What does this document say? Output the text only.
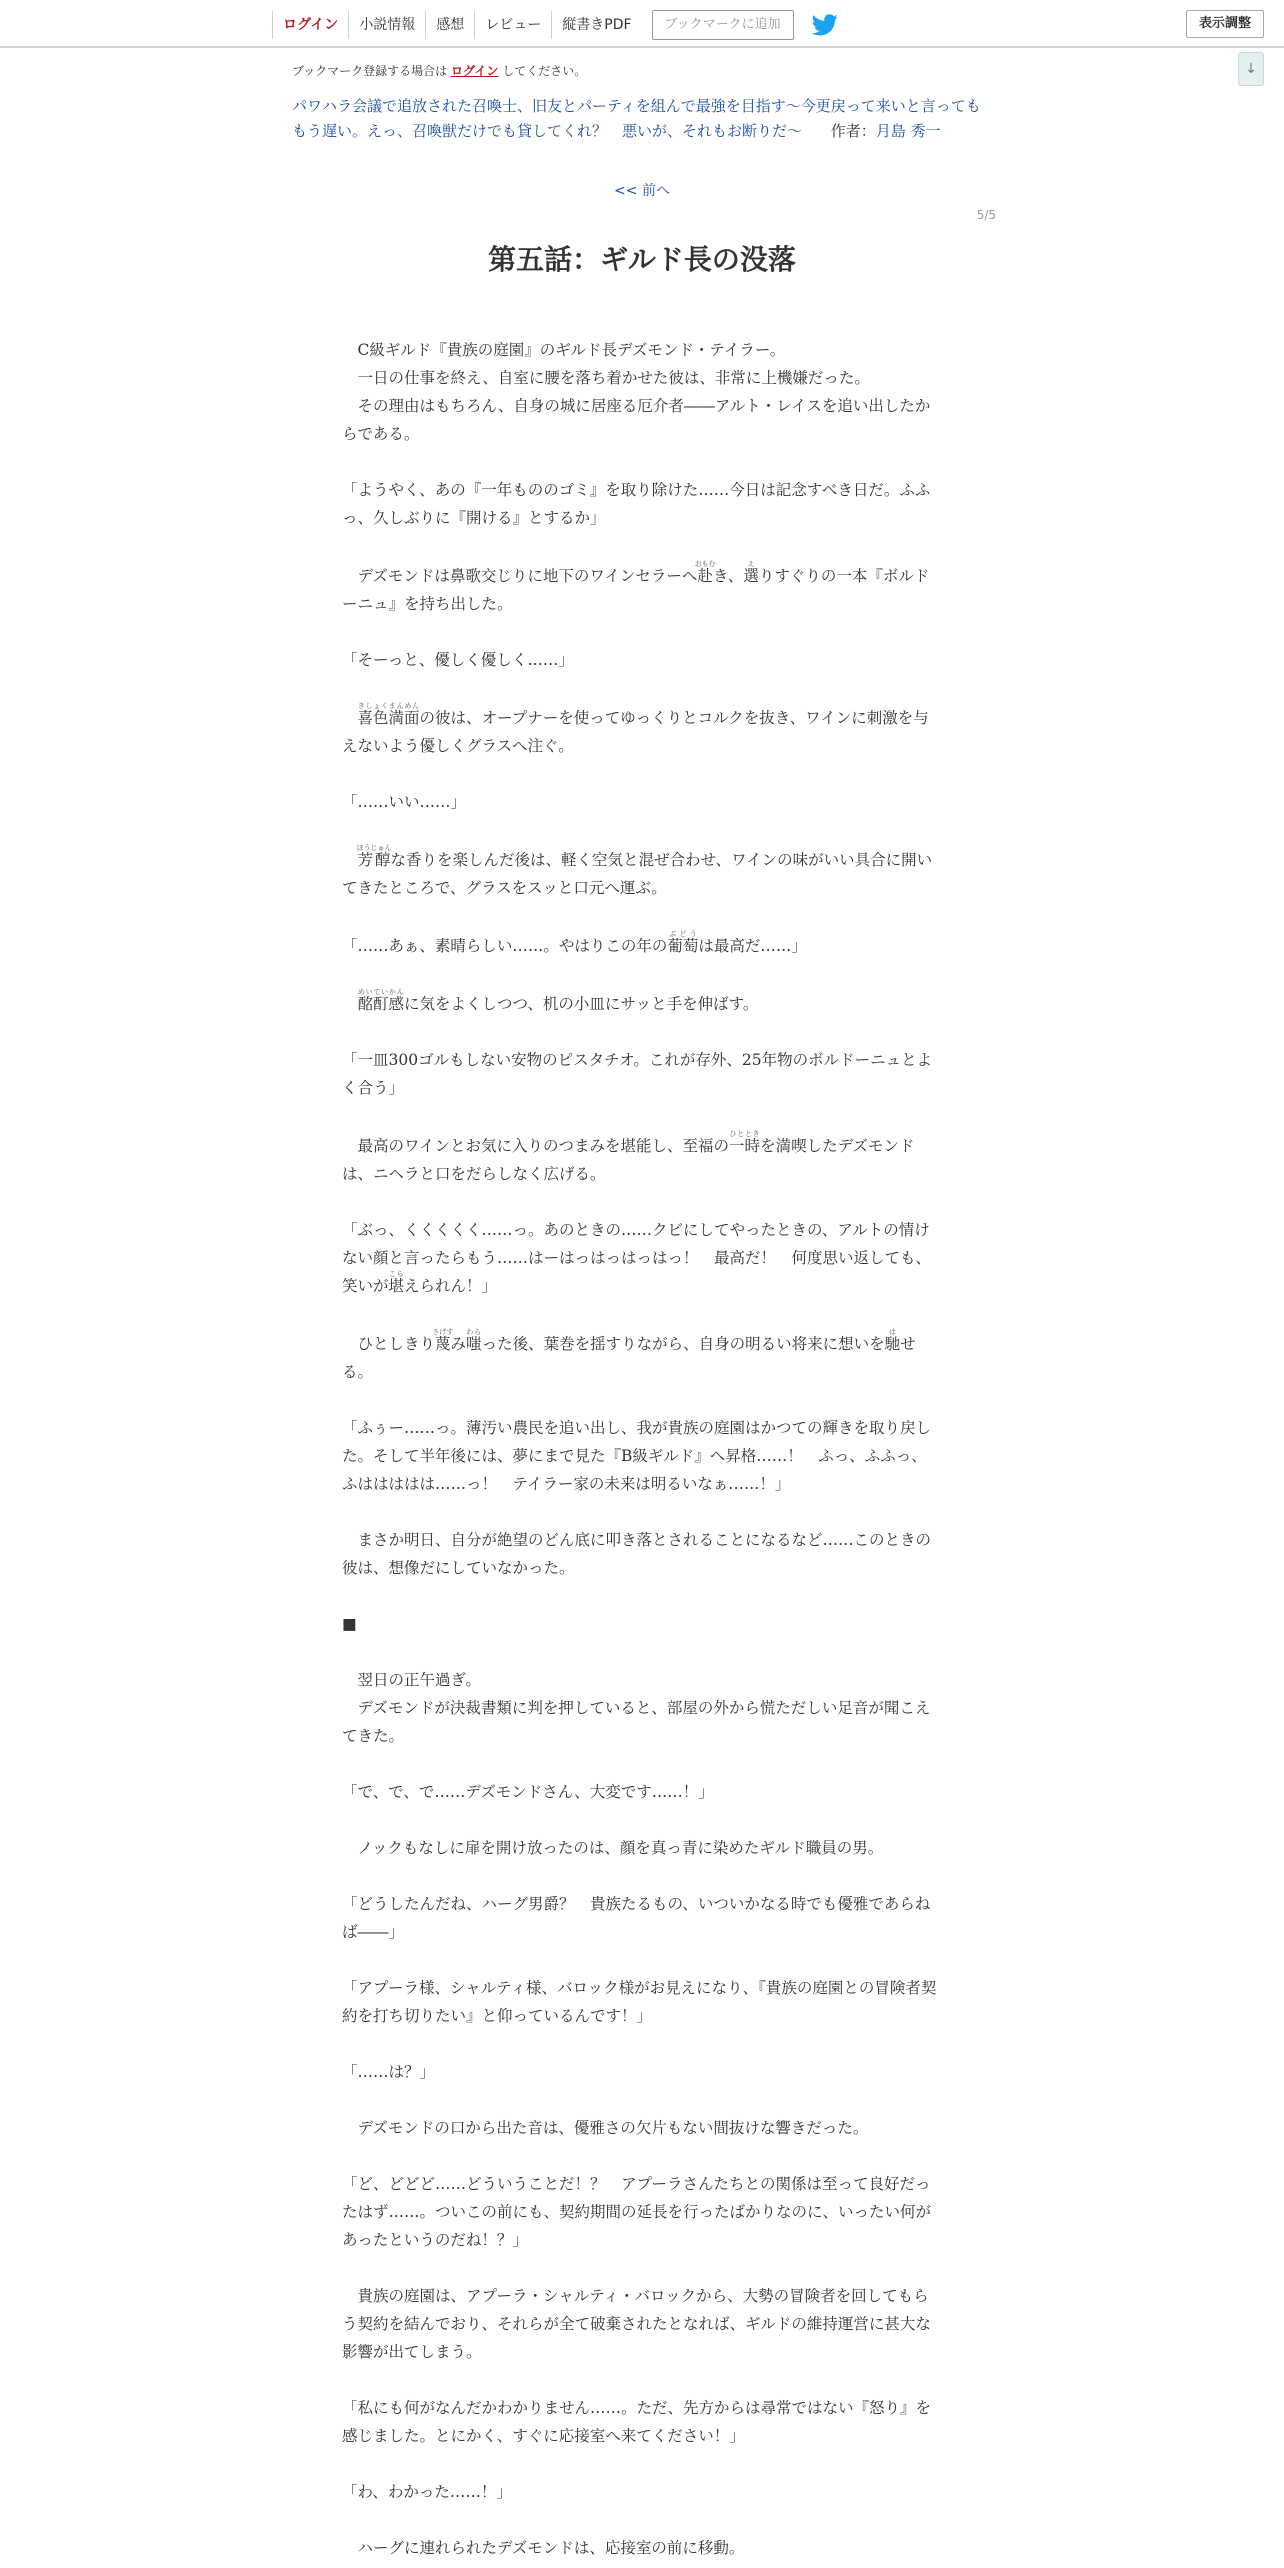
ログイン	小説情報	感想	レビュー	縦書きPDF	ブックマークに追加	表示調整
↓
ブックマーク登録する場合は ログイン してください。
パワハラ会議で追放された召喚士、旧友とパーティを組んで最強を目指す～今更戻って来いと言ってももう遅い。えっ、召喚獣だけでも貸してくれ？　悪いが、それもお断りだ～ 作者：月島 秀一
<< 前へ
5/5
第五話：ギルド長の没落

　C級ギルド『貴族の庭園』のギルド長デズモンド・テイラー。

　一日の仕事を終え、自室に腰を落ち着かせた彼は、非常に上機嫌だった。

　その理由はもちろん、自身の城に居座る厄介者――アルト・レイスを追い出したからである。

「ようやく、あの『一年もののゴミ』を取り除けた……今日は記念すべき日だ。ふふっ、久しぶりに『開ける』とするか」

　デズモンドは鼻歌交じりに地下のワインセラーへ赴おもむき、選えりすぐりの一本『ボルドーニュ』を持ち出した。

「そーっと、優しく優しく……」

　喜色満面きしょくまんめんの彼は、オープナーを使ってゆっくりとコルクを抜き、ワインに刺激を与えないよう優しくグラスへ注ぐ。

「……いい……」

　芳醇ほうじゅんな香りを楽しんだ後は、軽く空気と混ぜ合わせ、ワインの味がいい具合に開いてきたところで、グラスをスッと口元へ運ぶ。

「……あぁ、素晴らしい……。やはりこの年の葡萄ぶどうは最高だ……」

　酩酊感めいていかんに気をよくしつつ、机の小皿にサッと手を伸ばす。

「一皿300ゴルもしない安物のピスタチオ。これが存外、25年物のボルドーニュとよく合う」

　最高のワインとお気に入りのつまみを堪能し、至福の一時ひとときを満喫したデズモンドは、ニヘラと口をだらしなく広げる。

「ぶっ、くくくくく……っ。あのときの……クビにしてやったときの、アルトの情けない顔と言ったらもう……はーはっはっはっはっ！　最高だ！　何度思い返しても、笑いが堪こらえられん！」

　ひとしきり蔑さげすみ嗤わらった後、葉巻を揺すりながら、自身の明るい将来に想いを馳はせる。

「ふぅー……っ。薄汚い農民を追い出し、我が貴族の庭園はかつての輝きを取り戻した。そして半年後には、夢にまで見た『B級ギルド』へ昇格……！　ふっ、ふふっ、ふははははは……っ！　テイラー家の未来は明るいなぁ……！」

　まさか明日、自分が絶望のどん底に叩き落とされることになるなど……このときの彼は、想像だにしていなかった。

■

　翌日の正午過ぎ。

　デズモンドが決裁書類に判を押していると、部屋の外から慌ただしい足音が聞こえてきた。

「で、で、で……デズモンドさん、大変です……！」

　ノックもなしに扉を開け放ったのは、顔を真っ青に染めたギルド職員の男。

「どうしたんだね、ハーグ男爵？　貴族たるもの、いついかなる時でも優雅であらねば――」

「アプーラ様、シャルティ様、バロック様がお見えになり、『貴族の庭園との冒険者契約を打ち切りたい』と仰っているんです！」

「……は？」

　デズモンドの口から出た音は、優雅さの欠片もない間抜けな響きだった。

「ど、どどど……どういうことだ！？　アプーラさんたちとの関係は至って良好だったはず……。ついこの前にも、契約期間の延長を行ったばかりなのに、いったい何があったというのだね！？」

　貴族の庭園は、アプーラ・シャルティ・バロックから、大勢の冒険者を回してもらう契約を結んでおり、それらが全て破棄されたとなれば、ギルドの維持運営に甚大な影響が出てしまう。

「私にも何がなんだかわかりません……。ただ、先方からは尋常ではない『怒り』を感じました。とにかく、すぐに応接室へ来てください！」

「わ、わかった……！」

　ハーグに連れられたデズモンドは、応接室の前に移動。
